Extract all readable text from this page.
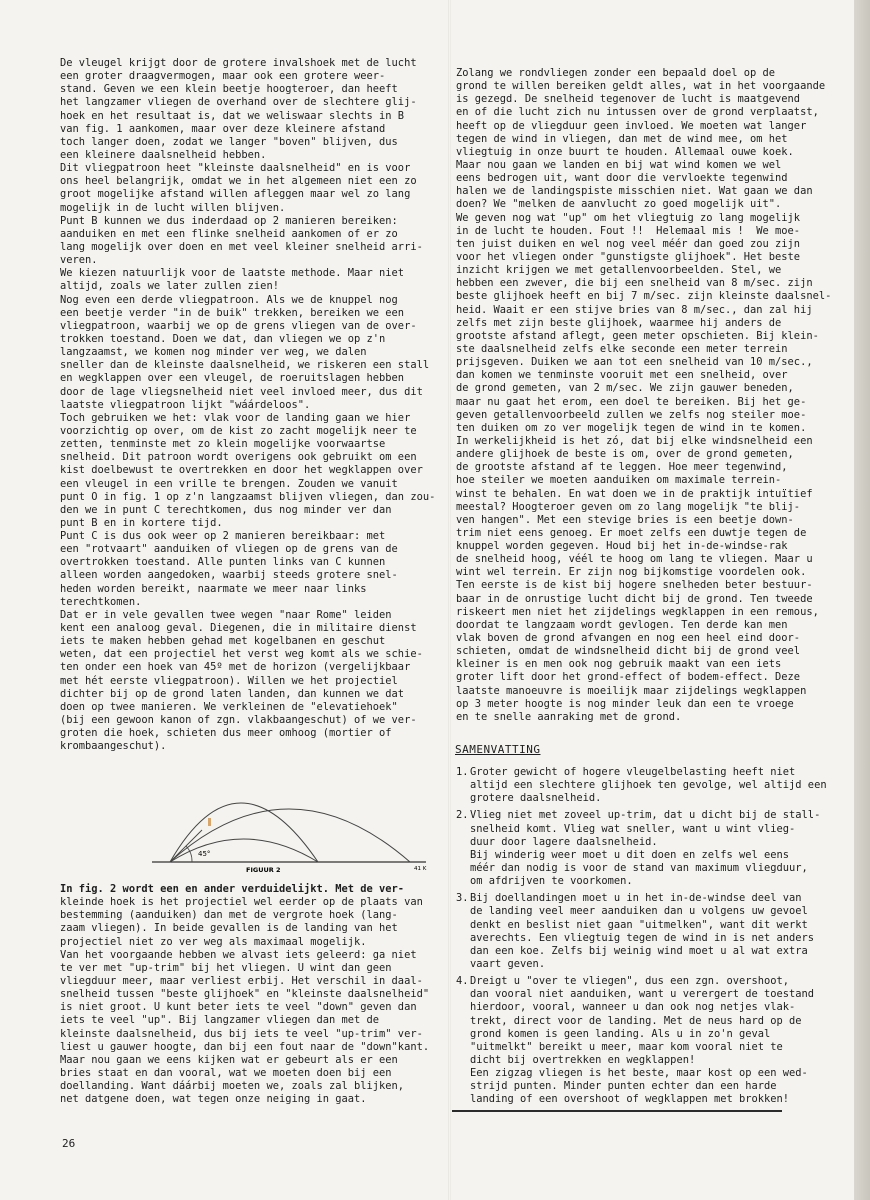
De vleugel krijgt door de grotere invalshoek met de lucht
een groter draagvermogen, maar ook een grotere weer-
stand. Geven we een klein beetje hoogteroer, dan heeft
het langzamer vliegen de overhand over de slechtere glij-
hoek en het resultaat is, dat we weliswaar slechts in B
van fig. 1 aankomen, maar over deze kleinere afstand
toch langer doen, zodat we langer "boven" blijven, dus
een kleinere daalsnelheid hebben.
Dit vliegpatroon heet "kleinste daalsnelheid" en is voor
ons heel belangrijk, omdat we in het algemeen niet een zo
groot mogelijke afstand willen afleggen maar wel zo lang
mogelijk in de lucht willen blijven.
Punt B kunnen we dus inderdaad op 2 manieren bereiken:
aanduiken en met een flinke snelheid aankomen of er zo
lang mogelijk over doen en met veel kleiner snelheid arri-
veren.
We kiezen natuurlijk voor de laatste methode. Maar niet
altijd, zoals we later zullen zien!
Nog even een derde vliegpatroon. Als we de knuppel nog
een beetje verder "in de buik" trekken, bereiken we een
vliegpatroon, waarbij we op de grens vliegen van de over-
trokken toestand. Doen we dat, dan vliegen we op z'n
langzaamst, we komen nog minder ver weg, we dalen
sneller dan de kleinste daalsnelheid, we riskeren een stall
en wegklappen over een vleugel, de roeruitslagen hebben
door de lage vliegsnelheid niet veel invloed meer, dus dit
laatste vliegpatroon lijkt "wáárdeloos".
Toch gebruiken we het: vlak voor de landing gaan we hier
voorzichtig op over, om de kist zo zacht mogelijk neer te
zetten, tenminste met zo klein mogelijke voorwaartse
snelheid. Dit patroon wordt overigens ook gebruikt om een
kist doelbewust te overtrekken en door het wegklappen over
een vleugel in een vrille te brengen. Zouden we vanuit
punt O in fig. 1 op z'n langzaamst blijven vliegen, dan zou-
den we in punt C terechtkomen, dus nog minder ver dan
punt B en in kortere tijd.
Punt C is dus ook weer op 2 manieren bereikbaar: met
een "rotvaart" aanduiken of vliegen op de grens van de
overtrokken toestand. Alle punten links van C kunnen
alleen worden aangedoken, waarbij steeds grotere snel-
heden worden bereikt, naarmate we meer naar links
terechtkomen.
Dat er in vele gevallen twee wegen "naar Rome" leiden
kent een analoog geval. Diegenen, die in militaire dienst
iets te maken hebben gehad met kogelbanen en geschut
weten, dat een projectiel het verst weg komt als we schie-
ten onder een hoek van 45º met de horizon (vergelijkbaar
met hét eerste vliegpatroon). Willen we het projectiel
dichter bij op de grond laten landen, dan kunnen we dat
doen op twee manieren. We verkleinen de "elevatiehoek"
(bij een gewoon kanon of zgn. vlakbaangeschut) of we ver-
groten die hoek, schieten dus meer omhoog (mortier of
krombaangeschut).
45°
FIGUUR 2	41 K
In fig. 2 wordt een en ander verduidelijkt. Met de ver-
kleinde hoek is het projectiel wel eerder op de plaats van
bestemming (aanduiken) dan met de vergrote hoek (lang-
zaam vliegen). In beide gevallen is de landing van het
projectiel niet zo ver weg als maximaal mogelijk.
Van het voorgaande hebben we alvast iets geleerd: ga niet
te ver met "up-trim" bij het vliegen. U wint dan geen
vliegduur meer, maar verliest erbij. Het verschil in daal-
snelheid tussen "beste glijhoek" en "kleinste daalsnelheid"
is niet groot. U kunt beter iets te veel "down" geven dan
iets te veel "up". Bij langzamer vliegen dan met de
kleinste daalsnelheid, dus bij iets te veel "up-trim" ver-
liest u gauwer hoogte, dan bij een fout naar de "down"kant.
Maar nou gaan we eens kijken wat er gebeurt als er een
bries staat en dan vooral, wat we moeten doen bij een
doellanding. Want dáárbij moeten we, zoals zal blijken,
net datgene doen, wat tegen onze neiging in gaat.
Zolang we rondvliegen zonder een bepaald doel op de
grond te willen bereiken geldt alles, wat in het voorgaande
is gezegd. De snelheid tegenover de lucht is maatgevend
en of die lucht zich nu intussen over de grond verplaatst,
heeft op de vliegduur geen invloed. We moeten wat langer
tegen de wind in vliegen, dan met de wind mee, om het
vliegtuig in onze buurt te houden. Allemaal ouwe koek.
Maar nou gaan we landen en bij wat wind komen we wel
eens bedrogen uit, want door die vervloekte tegenwind
halen we de landingspiste misschien niet. Wat gaan we dan
doen? We "melken de aanvlucht zo goed mogelijk uit".
We geven nog wat "up" om het vliegtuig zo lang mogelijk
in de lucht te houden. Fout !!  Helemaal mis !  We moe-
ten juist duiken en wel nog veel méér dan goed zou zijn
voor het vliegen onder "gunstigste glijhoek". Het beste
inzicht krijgen we met getallenvoorbeelden. Stel, we
hebben een zwever, die bij een snelheid van 8 m/sec. zijn
beste glijhoek heeft en bij 7 m/sec. zijn kleinste daalsnel-
heid. Waait er een stijve bries van 8 m/sec., dan zal hij
zelfs met zijn beste glijhoek, waarmee hij anders de
grootste afstand aflegt, geen meter opschieten. Bij klein-
ste daalsnelheid zelfs elke seconde een meter terrein
prijsgeven. Duiken we aan tot een snelheid van 10 m/sec.,
dan komen we tenminste vooruit met een snelheid, over
de grond gemeten, van 2 m/sec. We zijn gauwer beneden,
maar nu gaat het erom, een doel te bereiken. Bij het ge-
geven getallenvoorbeeld zullen we zelfs nog steiler moe-
ten duiken om zo ver mogelijk tegen de wind in te komen.
In werkelijkheid is het zó, dat bij elke windsnelheid een
andere glijhoek de beste is om, over de grond gemeten,
de grootste afstand af te leggen. Hoe meer tegenwind,
hoe steiler we moeten aanduiken om maximale terrein-
winst te behalen. En wat doen we in de praktijk intuïtief
meestal? Hoogteroer geven om zo lang mogelijk "te blij-
ven hangen". Met een stevige bries is een beetje down-
trim niet eens genoeg. Er moet zelfs een duwtje tegen de
knuppel worden gegeven. Houd bij het in-de-windse-rak
de snelheid hoog, véél te hoog om lang te vliegen. Maar u
wint wel terrein. Er zijn nog bijkomstige voordelen ook.
Ten eerste is de kist bij hogere snelheden beter bestuur-
baar in de onrustige lucht dicht bij de grond. Ten tweede
riskeert men niet het zijdelings wegklappen in een remous,
doordat te langzaam wordt gevlogen. Ten derde kan men
vlak boven de grond afvangen en nog een heel eind door-
schieten, omdat de windsnelheid dicht bij de grond veel
kleiner is en men ook nog gebruik maakt van een iets
groter lift door het grond-effect of bodem-effect. Deze
laatste manoeuvre is moeilijk maar zijdelings wegklappen
op 3 meter hoogte is nog minder leuk dan een te vroege
en te snelle aanraking met de grond.
SAMENVATTING
1. Groter gewicht of hogere vleugelbelasting heeft niet
altijd een slechtere glijhoek ten gevolge, wel altijd een
grotere daalsnelheid.
2. Vlieg niet met zoveel up-trim, dat u dicht bij de stall-
snelheid komt. Vlieg wat sneller, want u wint vlieg-
duur door lagere daalsnelheid.
Bij winderig weer moet u dit doen en zelfs wel eens
méér dan nodig is voor de stand van maximum vliegduur,
om afdrijven te voorkomen.
3. Bij doellandingen moet u in het in-de-windse deel van
de landing veel meer aanduiken dan u volgens uw gevoel
denkt en beslist niet gaan "uitmelken", want dit werkt
averechts. Een vliegtuig tegen de wind in is net anders
dan een koe. Zelfs bij weinig wind moet u al wat extra
vaart geven.
4. Dreigt u "over te vliegen", dus een zgn. overshoot,
dan vooral niet aanduiken, want u verergert de toestand
hierdoor, vooral, wanneer u dan ook nog netjes vlak-
trekt, direct voor de landing. Met de neus hard op de
grond komen is geen landing. Als u in zo'n geval
"uitmelkt" bereikt u meer, maar kom vooral niet te
dicht bij overtrekken en wegklappen!
Een zigzag vliegen is het beste, maar kost op een wed-
strijd punten. Minder punten echter dan een harde
landing of een overshoot of wegklappen met brokken!
26
